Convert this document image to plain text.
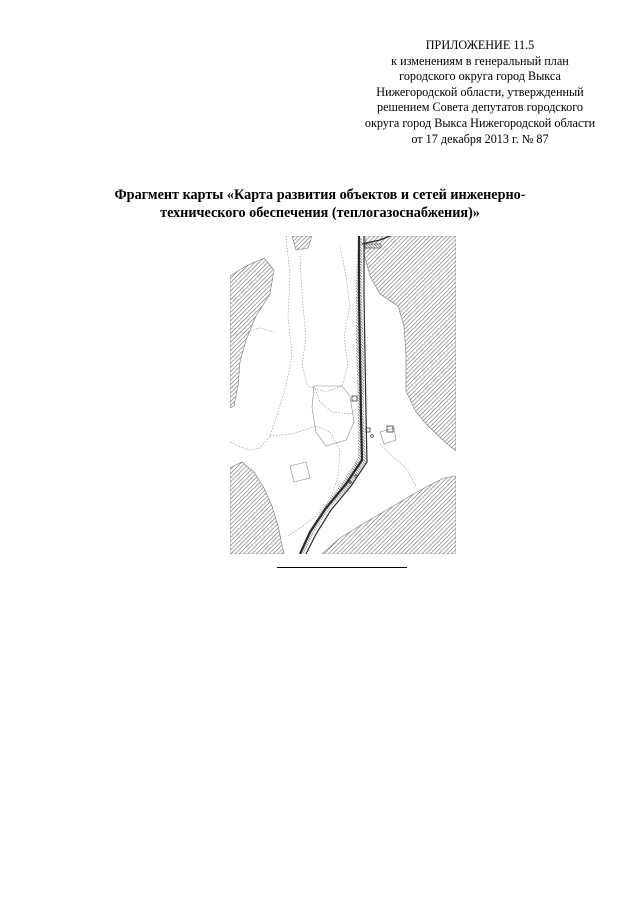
ПРИЛОЖЕНИЕ 11.5
к изменениям в генеральный план
городского округа город Выкса
Нижегородской области, утвержденный
решением Совета депутатов городского
округа город Выкса Нижегородской области
от 17 декабря 2013 г. № 87
Фрагмент карты «Карта развития объектов и сетей инженерно-
технического обеспечения (теплогазоснабжения)»
